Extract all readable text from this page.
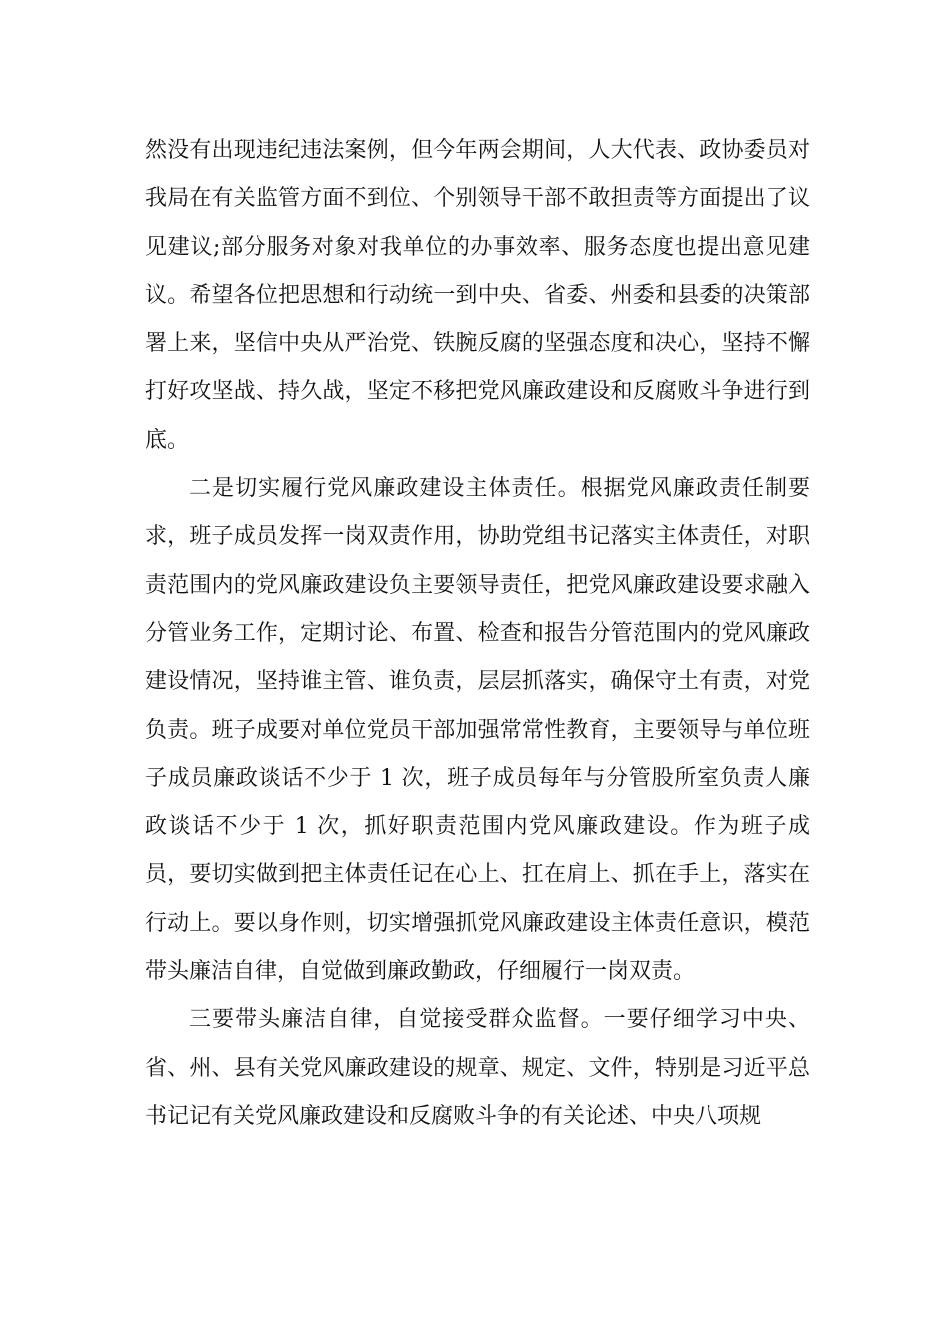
然没有出现违纪违法案例，但今年两会期间，人大代表、政协委员对我局在有关监管方面不到位、个别领导干部不敢担责等方面提出了议见建议;部分服务对象对我单位的办事效率、服务态度也提出意见建议。希望各位把思想和行动统一到中央、省委、州委和县委的决策部署上来，坚信中央从严治党、铁腕反腐的坚强态度和决心，坚持不懈打好攻坚战、持久战，坚定不移把党风廉政建设和反腐败斗争进行到底。

二是切实履行党风廉政建设主体责任。根据党风廉政责任制要求，班子成员发挥一岗双责作用，协助党组书记落实主体责任，对职责范围内的党风廉政建设负主要领导责任，把党风廉政建设要求融入分管业务工作，定期讨论、布置、检查和报告分管范围内的党风廉政建设情况，坚持谁主管、谁负责，层层抓落实，确保守土有责，对党负责。班子成要对单位党员干部加强常常性教育，主要领导与单位班子成员廉政谈话不少于 1 次，班子成员每年与分管股所室负责人廉政谈话不少于 1 次，抓好职责范围内党风廉政建设。作为班子成员，要切实做到把主体责任记在心上、扛在肩上、抓在手上，落实在行动上。要以身作则，切实增强抓党风廉政建设主体责任意识，模范带头廉洁自律，自觉做到廉政勤政，仔细履行一岗双责。

三要带头廉洁自律，自觉接受群众监督。一要仔细学习中央、省、州、县有关党风廉政建设的规章、规定、文件，特别是习近平总书记记有关党风廉政建设和反腐败斗争的有关论述、中央八项规
